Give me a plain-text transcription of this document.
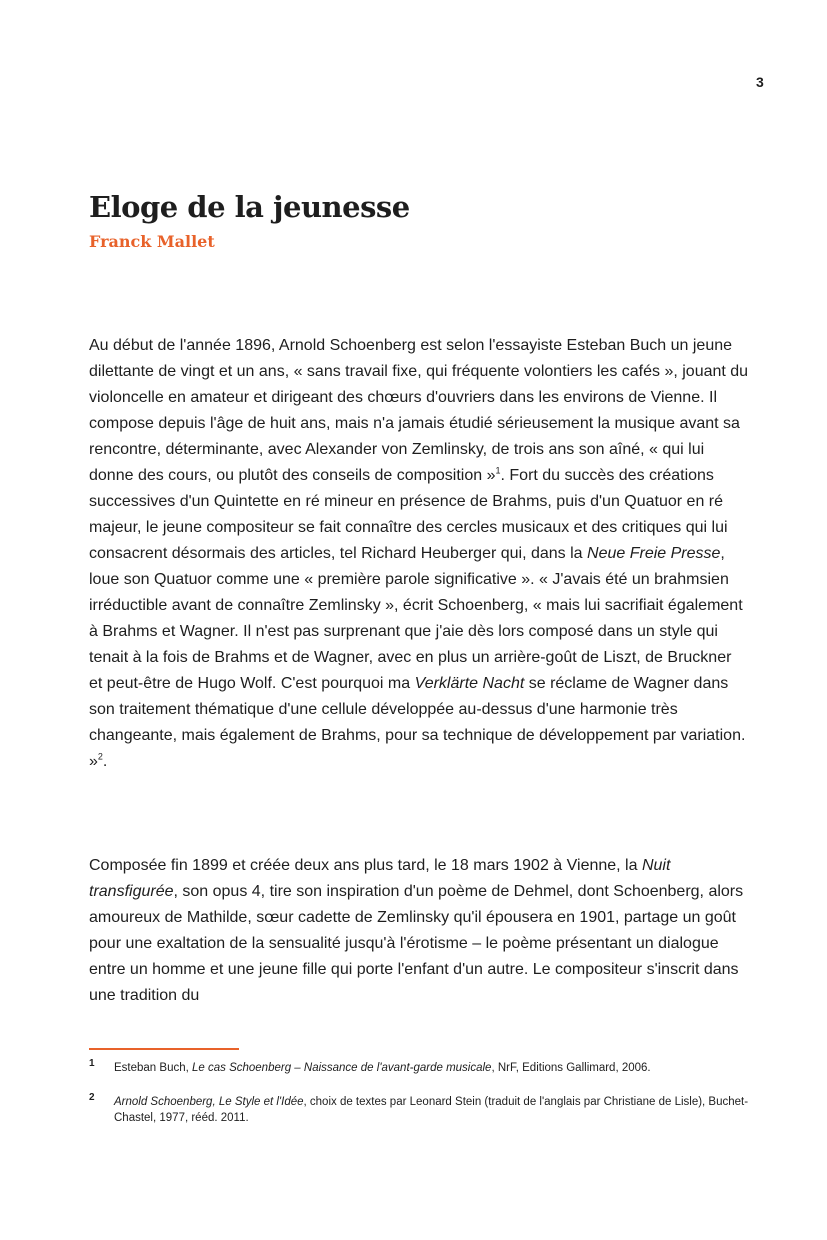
3
Eloge de la jeunesse
Franck Mallet

Au début de l'année 1896, Arnold Schoenberg est selon l'essayiste Esteban Buch un jeune dilettante de vingt et un ans, « sans travail fixe, qui fréquente volontiers les cafés », jouant du violoncelle en amateur et dirigeant des chœurs d'ouvriers dans les environs de Vienne. Il compose depuis l'âge de huit ans, mais n'a jamais étudié sérieusement la musique avant sa rencontre, déterminante, avec Alexander von Zemlinsky, de trois ans son aîné, « qui lui donne des cours, ou plutôt des conseils de composition »$^1$. Fort du succès des créations successives d'un Quintette en ré mineur en présence de Brahms, puis d'un Quatuor en ré majeur, le jeune compositeur se fait connaître des cercles musicaux et des critiques qui lui consacrent désormais des articles, tel Richard Heuberger qui, dans la Neue Freie Presse, loue son Quatuor comme une « première parole significative ». « J'avais été un brahmsien irréductible avant de connaître Zemlinsky », écrit Schoenberg, « mais lui sacrifiait également à Brahms et Wagner. Il n'est pas surprenant que j'aie dès lors composé dans un style qui tenait à la fois de Brahms et de Wagner, avec en plus un arrière-goût de Liszt, de Bruckner et peut-être de Hugo Wolf. C'est pourquoi ma Verklärte Nacht se réclame de Wagner dans son traitement thématique d'une cellule développée au-dessus d'une harmonie très changeante, mais également de Brahms, pour sa technique de développement par variation. »$^2$.

Composée fin 1899 et créée deux ans plus tard, le 18 mars 1902 à Vienne, la Nuit transfigurée, son opus 4, tire son inspiration d'un poème de Dehmel, dont Schoenberg, alors amoureux de Mathilde, sœur cadette de Zemlinsky qu'il épousera en 1901, partage un goût pour une exaltation de la sensualité jusqu'à l'érotisme – le poème présentant un dialogue entre un homme et une jeune fille qui porte l'enfant d'un autre. Le compositeur s'inscrit dans une tradition du

1 Esteban Buch, Le cas Schoenberg – Naissance de l'avant-garde musicale, NrF, Editions Gallimard, 2006.
2 Arnold Schoenberg, Le Style et l'Idée, choix de textes par Leonard Stein (traduit de l'anglais par Christiane de Lisle), Buchet-Chastel, 1977, rééd. 2011.
